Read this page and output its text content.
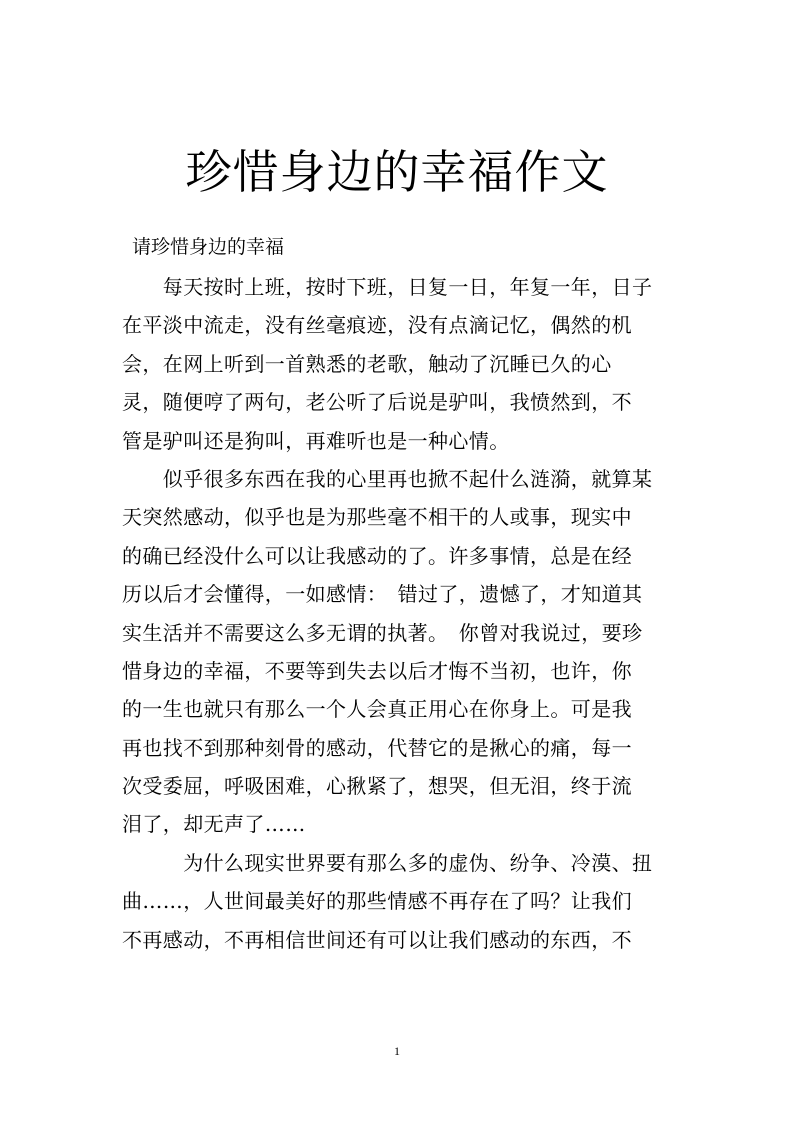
珍惜身边的幸福作文
请珍惜身边的幸福
　　每天按时上班，按时下班，日复一日，年复一年，日子
在平淡中流走，没有丝毫痕迹，没有点滴记忆，偶然的机
会，在网上听到一首熟悉的老歌，触动了沉睡已久的心
灵，随便哼了两句，老公听了后说是驴叫，我愤然到，不
管是驴叫还是狗叫，再难听也是一种心情。
　　似乎很多东西在我的心里再也掀不起什么涟漪，就算某
天突然感动，似乎也是为那些毫不相干的人或事，现实中
的确已经没什么可以让我感动的了。许多事情，总是在经
历以后才会懂得，一如感情：　错过了，遗憾了，才知道其
实生活并不需要这么多无谓的执著。　你曾对我说过，要珍
惜身边的幸福，不要等到失去以后才悔不当初，也许，你
的一生也就只有那么一个人会真正用心在你身上。可是我
再也找不到那种刻骨的感动，代替它的是揪心的痛，每一
次受委屈，呼吸困难，心揪紧了，想哭，但无泪，终于流
泪了，却无声了……
　　　为什么现实世界要有那么多的虚伪、纷争、冷漠、扭
曲……，人世间最美好的那些情感不再存在了吗？让我们
不再感动，不再相信世间还有可以让我们感动的东西，不
1
